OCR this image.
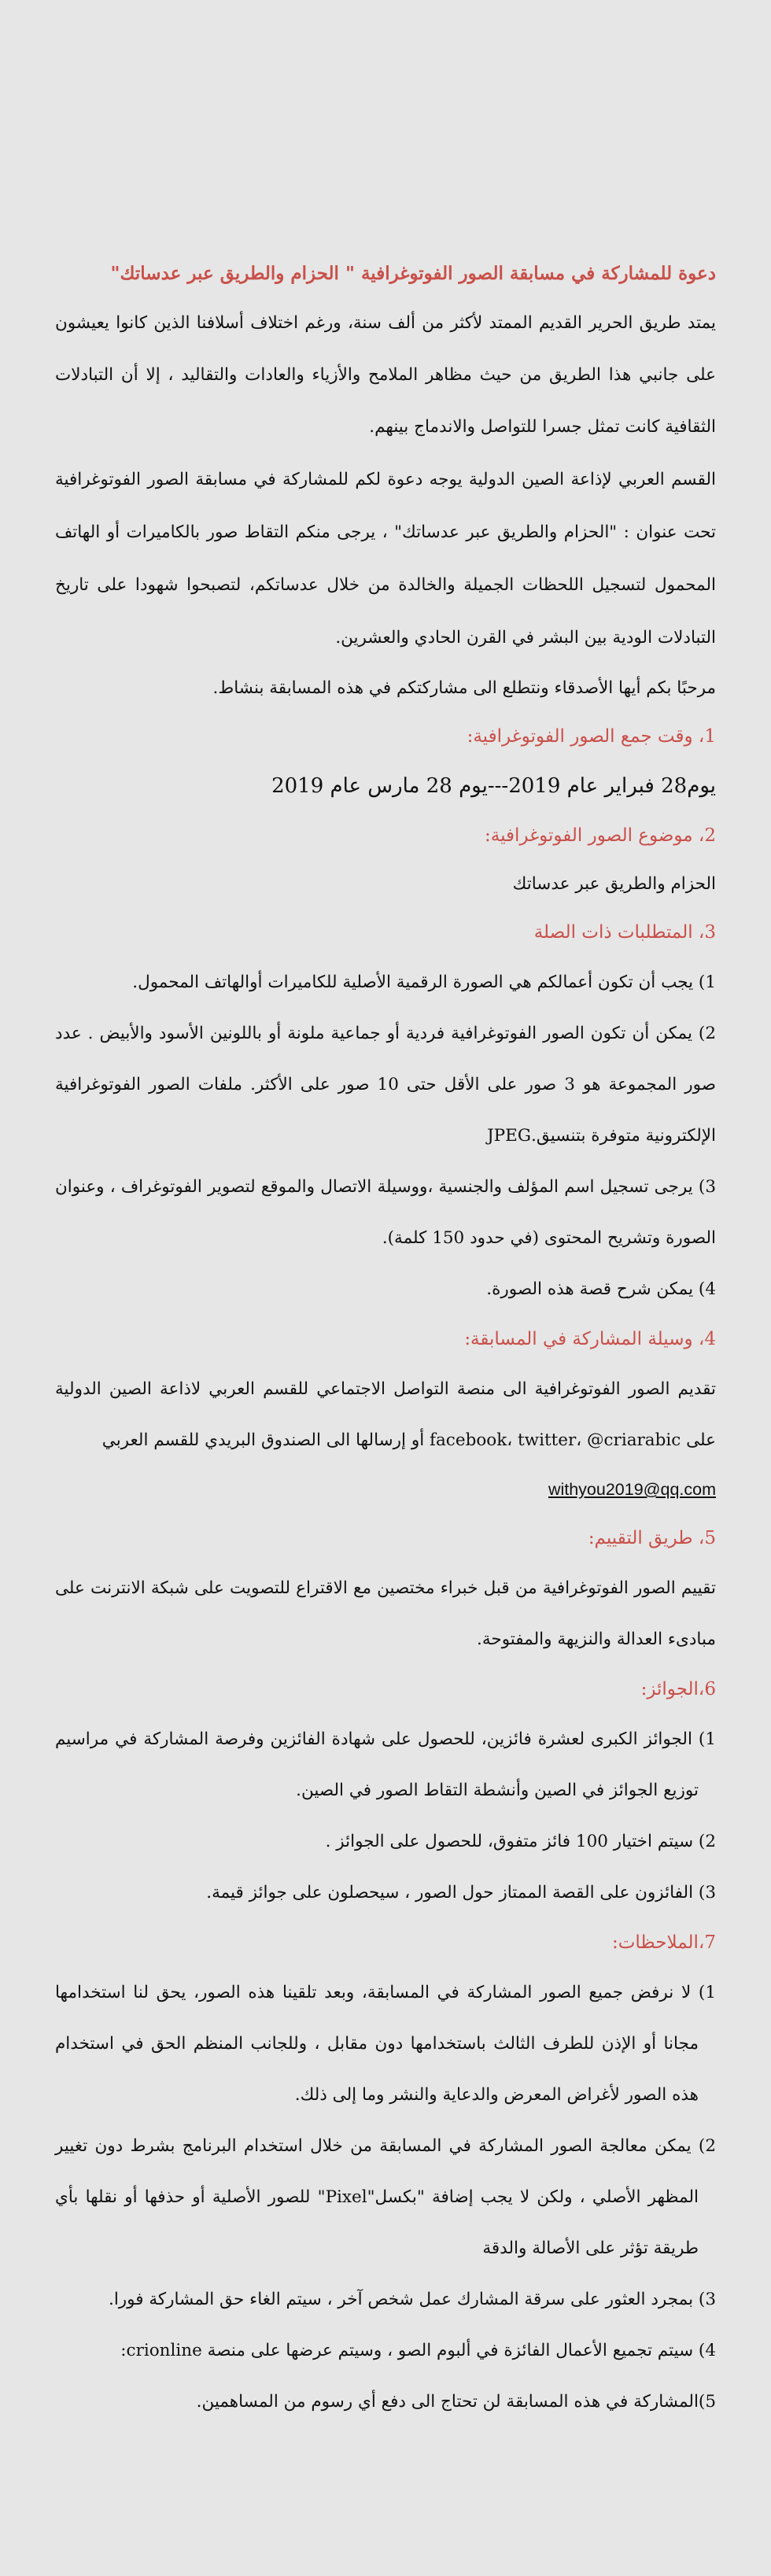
دعوة للمشاركة في مسابقة الصور الفوتوغرافية " الحزام والطريق عبر عدساتك"

يمتد طريق الحرير القديم الممتد لأكثر من ألف سنة، ورغم اختلاف أسلافنا الذين كانوا يعيشون على جانبي هذا الطريق من حيث مظاهر الملامح والأزياء والعادات والتقاليد ، إلا أن التبادلات الثقافية كانت تمثل جسرا للتواصل والاندماج بينهم.

القسم العربي لإذاعة الصين الدولية يوجه دعوة لكم للمشاركة في مسابقة الصور الفوتوغرافية تحت عنوان : "الحزام والطريق عبر عدساتك" ، يرجى منكم التقاط صور بالكاميرات أو الهاتف المحمول لتسجيل اللحظات الجميلة والخالدة من خلال عدساتكم، لتصبحوا شهودا على تاريخ التبادلات الودية بين البشر في القرن الحادي والعشرين.

مرحبًا بكم أيها الأصدقاء ونتطلع الى مشاركتكم في هذه المسابقة بنشاط.

1، وقت جمع الصور الفوتوغرافية:

يوم28 فبراير عام 2019---يوم 28 مارس عام 2019

2، موضوع الصور الفوتوغرافية:

الحزام والطريق عبر عدساتك

3، المتطلبات ذات الصلة

1) يجب أن تكون أعمالكم هي الصورة الرقمية الأصلية للكاميرات أوالهاتف المحمول.

2) يمكن أن تكون الصور الفوتوغرافية فردية أو جماعية ملونة أو باللونين الأسود والأبيض . عدد صور المجموعة هو 3 صور على الأقل حتى 10 صور على الأكثر. ملفات الصور الفوتوغرافية الإلكترونية متوفرة بتنسيق.JPEG

3) يرجى تسجيل اسم المؤلف والجنسية ،ووسيلة الاتصال والموقع لتصوير الفوتوغراف ، وعنوان الصورة وتشريح المحتوى (في حدود 150 كلمة).

4) يمكن شرح قصة هذه الصورة.

4، وسيلة المشاركة في المسابقة:

تقديم الصور الفوتوغرافية الى منصة التواصل الاجتماعي للقسم العربي لاذاعة الصين الدولية على facebook، twitter، @criarabic أو إرسالها الى الصندوق البريدي للقسم العربي

withyou2019@qq.com

5، طريق التقييم:

تقييم الصور الفوتوغرافية من قبل خبراء مختصين مع الاقتراع للتصويت على شبكة الانترنت على مبادىء العدالة والنزيهة والمفتوحة.

6،الجوائز:

1) الجوائز الكبرى لعشرة فائزين، للحصول على شهادة الفائزين وفرصة المشاركة في مراسيم توزيع الجوائز في الصين وأنشطة التقاط الصور في الصين.

2) سيتم اختيار 100 فائز متفوق، للحصول على الجوائز .

3) الفائزون على القصة الممتاز حول الصور ، سيحصلون على جوائز قيمة.

7،الملاحظات:

1) لا نرفض جميع الصور المشاركة في المسابقة، وبعد تلقينا هذه الصور، يحق لنا استخدامها مجانا أو الإذن للطرف الثالث باستخدامها دون مقابل ، وللجانب المنظم الحق في استخدام هذه الصور لأغراض المعرض والدعاية والنشر وما إلى ذلك.

2) يمكن معالجة الصور المشاركة في المسابقة من خلال استخدام البرنامج بشرط دون تغيير المظهر الأصلي ، ولكن لا يجب إضافة "بكسل"Pixel" للصور الأصلية أو حذفها أو نقلها بأي طريقة تؤثر على الأصالة والدقة

3) بمجرد العثور على سرقة المشارك عمل شخص آخر ، سيتم الغاء حق المشاركة فورا.

4) سيتم تجميع الأعمال الفائزة في ألبوم الصو ، وسيتم عرضها على منصة crionline:

5)المشاركة في هذه المسابقة لن تحتاج الى دفع أي رسوم من المساهمين.
